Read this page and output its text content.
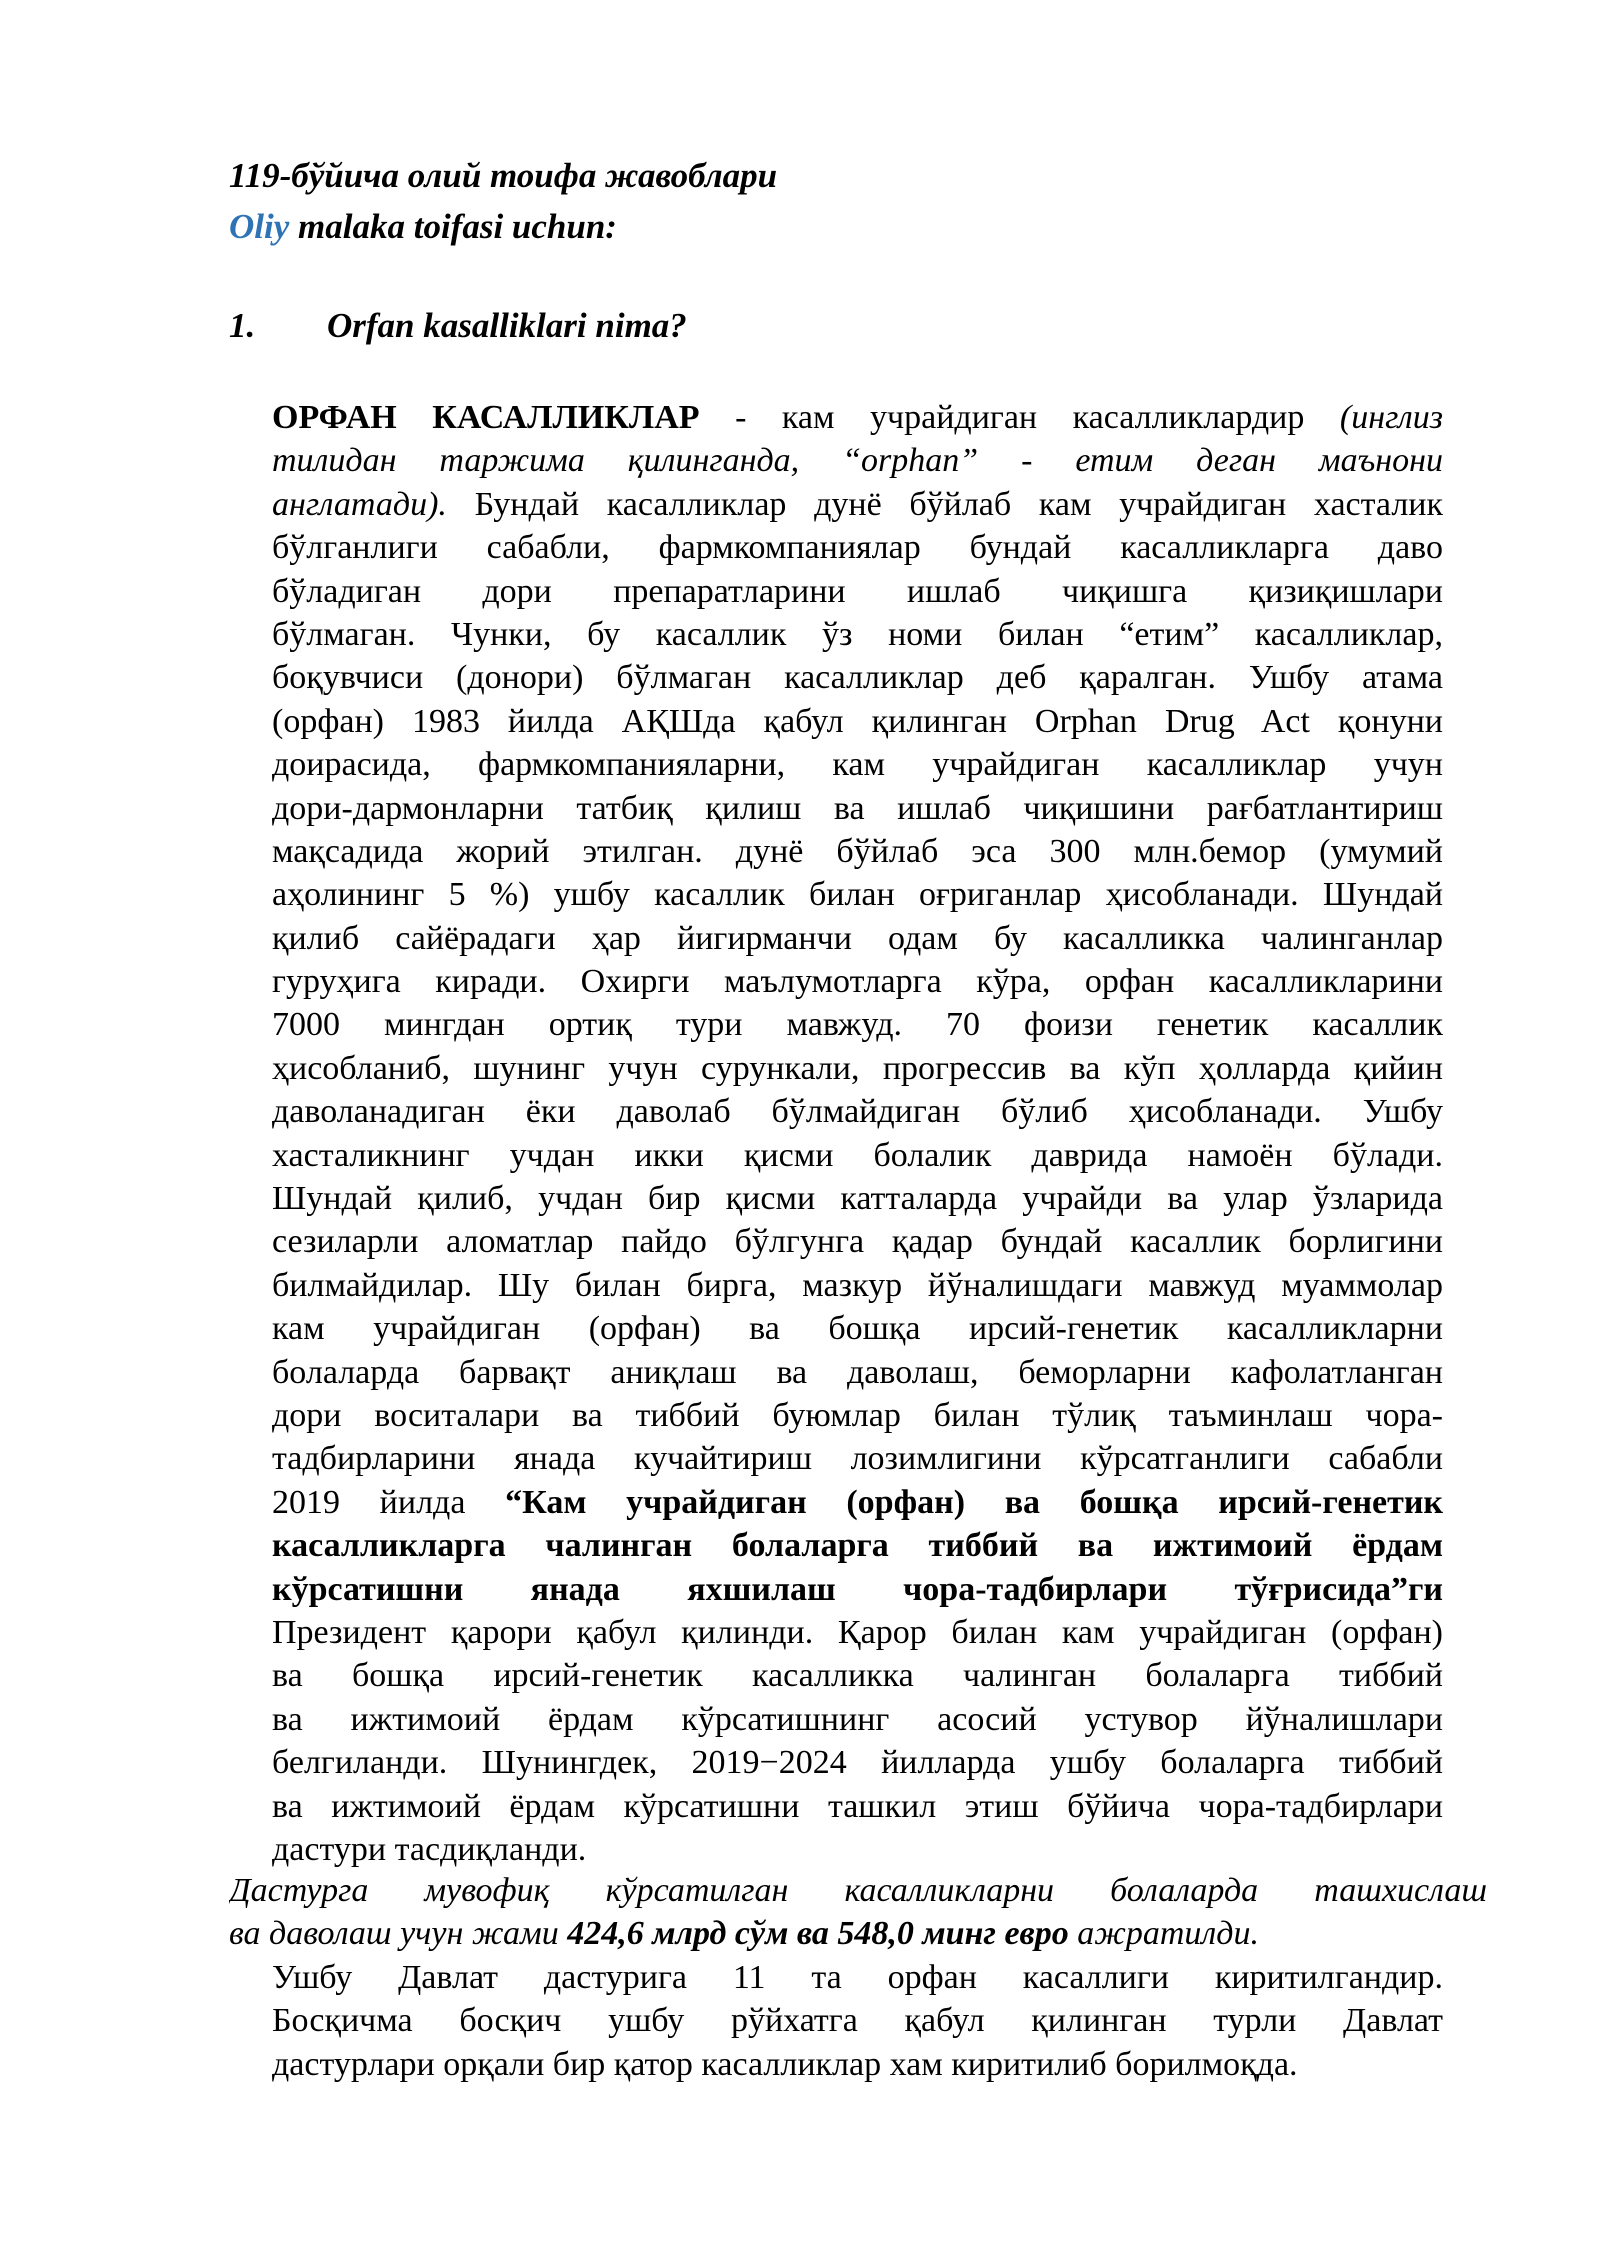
119-бўйича олий тоифа жавоблари
Oliy malaka toifasi uchun:
1. Orfan kasalliklari nima?
ОРФАН КАСАЛЛИКЛАР - кам учрайдиган касалликлардир (инглиз
тилидан таржима қилинганда, “orphan” - етим деган маънони
англатади). Бундай касалликлар дунё бўйлаб кам учрайдиган хасталик
бўлганлиги сабабли, фармкомпаниялар бундай касалликларга даво
бўладиган дори препаратларини ишлаб чиқишга қизиқишлари
бўлмаган. Чунки, бу касаллик ўз номи билан “етим” касалликлар,
боқувчиси (донори) бўлмаган касалликлар деб қаралган. Ушбу атама
(орфан) 1983 йилда АҚШда қабул қилинган Orphan Drug Act қонуни
доирасида, фармкомпанияларни, кам учрайдиган касалликлар учун
дори-дармонларни татбиқ қилиш ва ишлаб чиқишини рағбатлантириш
мақсадида жорий этилган. дунё бўйлаб эса 300 млн.бемор (умумий
аҳолининг 5 %) ушбу касаллик билан оғриганлар ҳисобланади. Шундай
қилиб сайёрадаги ҳар йигирманчи одам бу касалликка чалинганлар
гуруҳига киради. Охирги маълумотларга кўра, орфан касалликларини
7000 мингдан ортиқ тури мавжуд. 70 фоизи генетик касаллик
ҳисобланиб, шунинг учун сурункали, прогрессив ва кўп ҳолларда қийин
даволанадиган ёки даволаб бўлмайдиган бўлиб ҳисобланади. Ушбу
хасталикнинг учдан икки қисми болалик даврида намоён бўлади.
Шундай қилиб, учдан бир қисми катталарда учрайди ва улар ўзларида
сезиларли аломатлар пайдо бўлгунга қадар бундай касаллик борлигини
билмайдилар. Шу билан бирга, мазкур йўналишдаги мавжуд муаммолар
кам учрайдиган (орфан) ва бошқа ирсий-генетик касалликларни
болаларда барвақт аниқлаш ва даволаш, беморларни кафолатланган
дори воситалари ва тиббий буюмлар билан тўлиқ таъминлаш чора-
тадбирларини янада кучайтириш лозимлигини кўрсатганлиги сабабли
2019 йилда “Кам учрайдиган (орфан) ва бошқа ирсий-генетик
касалликларга чалинган болаларга тиббий ва ижтимоий ёрдам
кўрсатишни янада яхшилаш чора-тадбирлари тўғрисида”ги
Президент қарори қабул қилинди. Қарор билан кам учрайдиган (орфан)
ва бошқа ирсий-генетик касалликка чалинган болаларга тиббий
ва ижтимоий ёрдам кўрсатишнинг асосий устувор йўналишлари
белгиланди. Шунингдек, 2019−2024 йилларда ушбу болаларга тиббий
ва ижтимоий ёрдам кўрсатишни ташкил этиш бўйича чора-тадбирлари
дастури тасдиқланди.
Дастурга мувофиқ кўрсатилган касалликларни болаларда ташхислаш
ва даволаш учун жами 424,6 млрд сўм ва 548,0 минг евро ажратилди.
Ушбу Давлат дастурига 11 та орфан касаллиги киритилгандир.
Босқичма босқич ушбу рўйхатга қабул қилинган турли Давлат
дастурлари орқали бир қатор касалликлар хам киритилиб борилмоқда.
